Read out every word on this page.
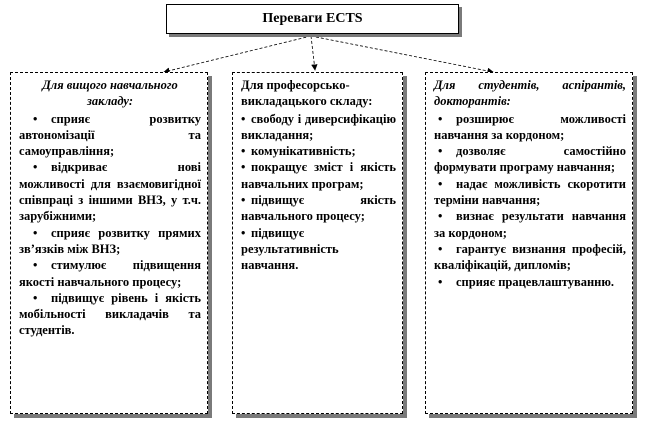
Переваги ECTS
Для вищого навчального закладу:
• сприяє розвитку автономізації та самоуправління;
• відкриває нові можливості для взаємовигідної співпраці з іншими ВНЗ, у т.ч. зарубіжними;
• сприяє розвитку прямих зв’язків між ВНЗ;
• стимулює підвищення якості навчального процесу;
• підвищує рівень і якість мобільності викладачів та студентів.
Для професорсько-викладацького складу:
• свободу і диверсифікацію викладання;
• комунікативність;
• покращує зміст і якість навчальних програм;
• підвищує якість навчального процесу;
• підвищує результативність навчання.
Для студентів, аспірантів, докторантів:
• розширює можливості навчання за кордоном;
• дозволяє самостійно формувати програму навчання;
• надає можливість скоротити терміни навчання;
• визнає результати навчання за кордоном;
• гарантує визнання професій, кваліфікацій, дипломів;
• сприяє працевлаштуванню.
